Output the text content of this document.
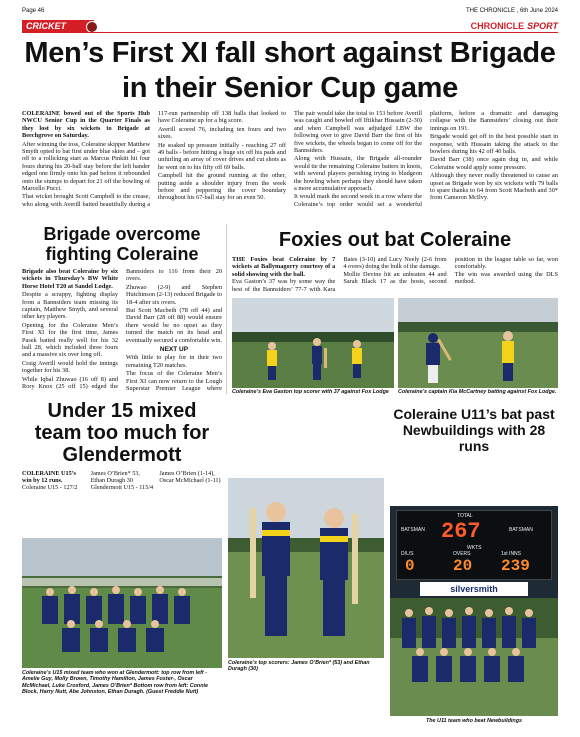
Page 46	THE CHRONICLE , 6th June 2024
CRICKET	CHRONICLE SPORT
Men’s First XI fall short against Brigade in their Senior Cup game

COLERAINE bowed out of the Sports Hub NWCU Senior Cup in the Quarter Finals as they lost by six wickets to Brigade at Beechgrove on Saturday.

After winning the toss, Coleraine skipper Matthew Smyth opted to bat first under blue skies and – got off to a rollicking start as Marcus Pinkitt hit four fours during his 20-ball stay before the left hander edged one firmly onto his pad before it rebounded onto the stumps to depart for 21 off the bowling of Marcello Pucci.

That wicket brought Scott Campbell to the crease, who along with Averill batted beautifully during a 117-run partnership off 138 balls that looked to have Coleraine up for a big score.

Averill scored 76, including ten fours and two sixes.

He soaked up pressure initially - reaching 27 off 49 balls - before hitting a huge six off his pads and unfurling an array of cover drives and cut shots as he went on to his fifty off 69 balls.

Campbell hit the ground running at the other, putting aside a shoulder injury from the week before and peppering the cover boundary throughout his 67-ball stay for an even 50.

The pair would take the total to 153 before Averill was caught and bowled off Iftikhar Hussain (2-30) and when Campbell was adjudged LBW the following over to give David Barr the first of his five wickets, the wheels began to come off for the Bannsiders.

Along with Hussain, the Brigade all-rounder would tie the remaining Coleraine batters in knots, with several players perishing trying to bludgeon the bowling when perhaps they should have taken a more accumulative approach.

It would mark the second week in a row where the Coleraine’s top order would set a wonderful platform, before a dramatic and damaging collapse with the Bannsiders’ closing out their innings on 191.

Brigade would get off to the best possible start in response, with Hussain taking the attack to the bowlers during his 42 off 40 balls.

David Barr (38) once again dug in, and while Coleraine would apply some pressure.

Although they never really threatened to cause an upset as Brigade won by six wickets with 79 balls to spare thanks to 64 from Scott Macbeth and 30* from Cameron McIlvy.

Brigade overcome fighting Coleraine

Brigade also beat Coleraine by six wickets in Thursday’s BW White Horse Hotel T20 at Sandel Lodge.

Despite a scrappy, fighting display from a Bannsiders team missing its captain, Matthew Smyth, and several other key players.

Opening for the Coleraine Men’s First XI for the first time, James Pasek batted really well for his 32 ball 28, which included three fours and a massive six over long off.

Craig Averill would hold the innings together for his 38.

While Iqbal Zhuwao (16 off 8) and Rory Knox (25 off 15) edged the Bannsiders to 116 from their 20 overs.

Zhuwao (2-9) and Stephen Hutchinson (2-13) reduced Brigade to 18-4 after six overs.

But Scott Macbeth (78 off 44) and David Barr (28 off 88) would ensure there would be no upset as they turned the match on its head and eventually secured a comfortable win.

NEXT UP

With little to play for in their two remaining T20 matches.

The focus of the Coleraine Men’s First XI can now return to the Lough Superstar Premier League where

Foxies out bat Coleraine

THE Foxies beat Coleraine by 7 wickets at Ballymagorry courtesy of a solid showing with the ball.

Eva Gaston’s 37 was by some way the best of the Bannsiders’ 77-7 with Kara Bates (3-10) and Lucy Neely (2-6 from 4 overs) doing the bulk of the damage.

Mollie Devine hit an unbeaten 44 and Sarah Black 17 as the hosts, second position in the league table so far, won comfortably.

The win was awarded using the DLS method.

Coleraine’s Eva Gaston top scorer with 37 against Fox Lodge	Coleraine’s captain Kia McCartney batting against Fox Lodge.
Under 15 mixed team too much for Glendermott

COLERAINE U15’s win by 12 runs.

Coleraine U15 - 127/2

James O’Brien* 53, Ethan Duragh 30

Glendermott U15 - 115/4

James O’Brien (1-14), Oscar McMichael (1-11)

Coleraine’s U15 mixed team who won at Glendermott: top row from left - Amelie Guy, Molly Brown, Timothy Hamilton, James Foster-, Oscar McMichael, Luke Croxford, James O’Brien* Bottom row from left: Connie Block, Harry Nutt, Abe Johnston, Ethan Duragh. (Guest Freddie Nutt)
Coleraine’s top scorers: James O’Brien* (53) and Ethan Duragh (30)
Coleraine U11’s bat past Newbuildings with 28 runs
TOTAL
267
BATSMAN	BATSMAN
WKTS
D/L/S	OVERS	1st INNS
0 20 239
silversmith
The U11 team who beat Newbuildings
